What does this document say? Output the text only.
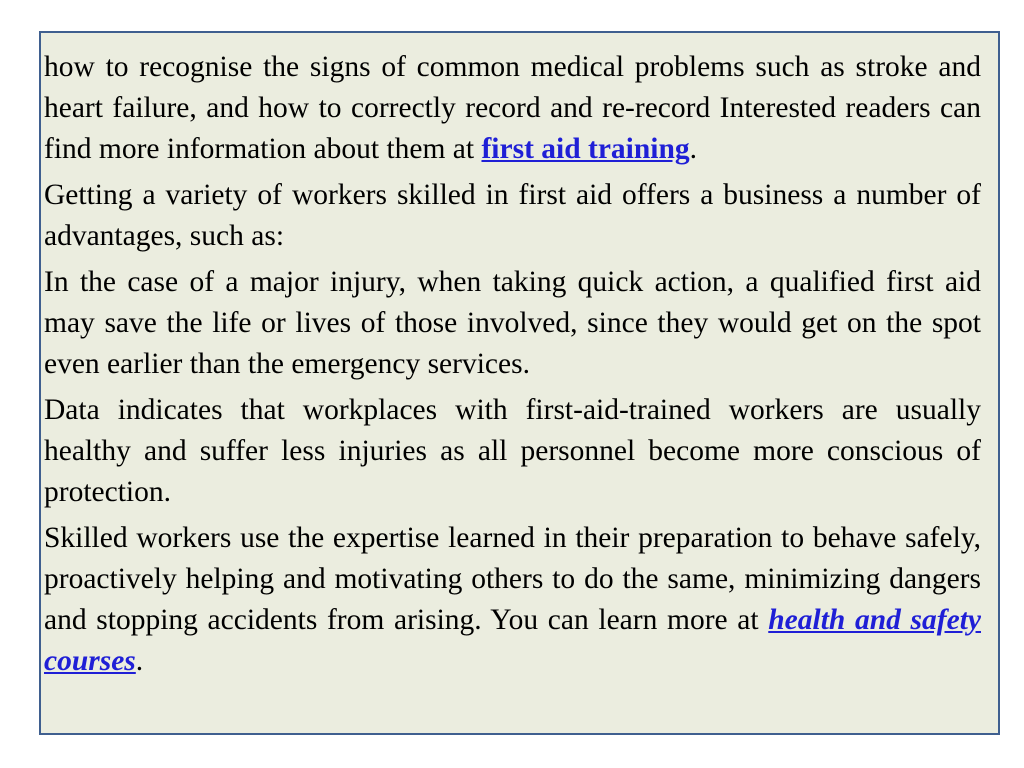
how to recognise the signs of common medical problems such as stroke and heart failure, and how to correctly record and re-record Interested readers can find more information about them at first aid training.

Getting a variety of workers skilled in first aid offers a business a number of advantages, such as:

In the case of a major injury, when taking quick action, a qualified first aid may save the life or lives of those involved, since they would get on the spot even earlier than the emergency services.

Data indicates that workplaces with first-aid-trained workers are usually healthy and suffer less injuries as all personnel become more conscious of protection.

Skilled workers use the expertise learned in their preparation to behave safely, proactively helping and motivating others to do the same, minimizing dangers and stopping accidents from arising. You can learn more at health and safety courses.
